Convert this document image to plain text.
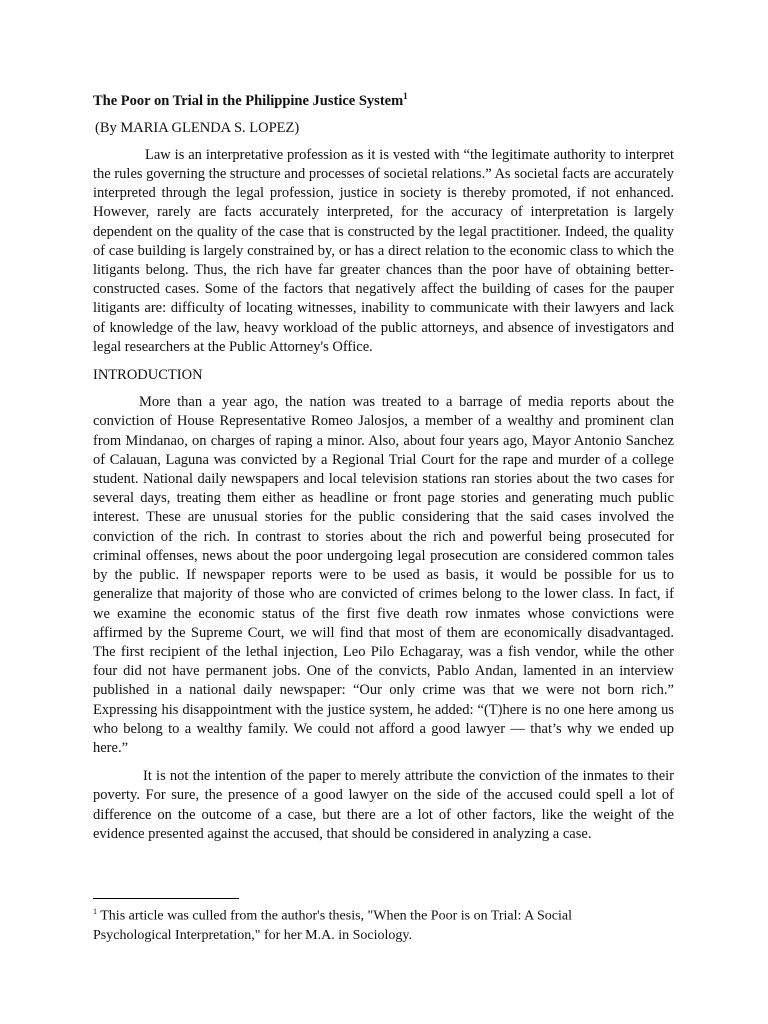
The Poor on Trial in the Philippine Justice System$^1$
(By MARIA GLENDA S. LOPEZ)

Law is an interpretative profession as it is vested with “the legitimate authority to interpret the rules governing the structure and processes of societal relations.” As societal facts are accurately interpreted through the legal profession, justice in society is thereby promoted, if not enhanced. However, rarely are facts accurately interpreted, for the accuracy of interpretation is largely dependent on the quality of the case that is constructed by the legal practitioner. Indeed, the quality of case building is largely constrained by, or has a direct relation to the economic class to which the litigants belong. Thus, the rich have far greater chances than the poor have of obtaining better-constructed cases. Some of the factors that negatively affect the building of cases for the pauper litigants are: difficulty of locating witnesses, inability to communicate with their lawyers and lack of knowledge of the law, heavy workload of the public attorneys, and absence of investigators and legal researchers at the Public Attorney's Office.

INTRODUCTION

More than a year ago, the nation was treated to a barrage of media reports about the conviction of House Representative Romeo Jalosjos, a member of a wealthy and prominent clan from Mindanao, on charges of raping a minor. Also, about four years ago, Mayor Antonio Sanchez of Calauan, Laguna was convicted by a Regional Trial Court for the rape and murder of a college student. National daily newspapers and local television stations ran stories about the two cases for several days, treating them either as headline or front page stories and generating much public interest. These are unusual stories for the public considering that the said cases involved the conviction of the rich. In contrast to stories about the rich and powerful being prosecuted for criminal offenses, news about the poor undergoing legal prosecution are considered common tales by the public. If newspaper reports were to be used as basis, it would be possible for us to generalize that majority of those who are convicted of crimes belong to the lower class. In fact, if we examine the economic status of the first five death row inmates whose convictions were affirmed by the Supreme Court, we will find that most of them are economically disadvantaged. The first recipient of the lethal injection, Leo Pilo Echagaray, was a fish vendor, while the other four did not have permanent jobs. One of the convicts, Pablo Andan, lamented in an interview published in a national daily newspaper: “Our only crime was that we were not born rich.” Expressing his disappointment with the justice system, he added: “(T)here is no one here among us who belong to a wealthy family. We could not afford a good lawyer — that’s why we ended up here.”

It is not the intention of the paper to merely attribute the conviction of the inmates to their poverty. For sure, the presence of a good lawyer on the side of the accused could spell a lot of difference on the outcome of a case, but there are a lot of other factors, like the weight of the evidence presented against the accused, that should be considered in analyzing a case.

$^1$ This article was culled from the author's thesis, "When the Poor is on Trial: A Social Psychological Interpretation," for her M.A. in Sociology.
